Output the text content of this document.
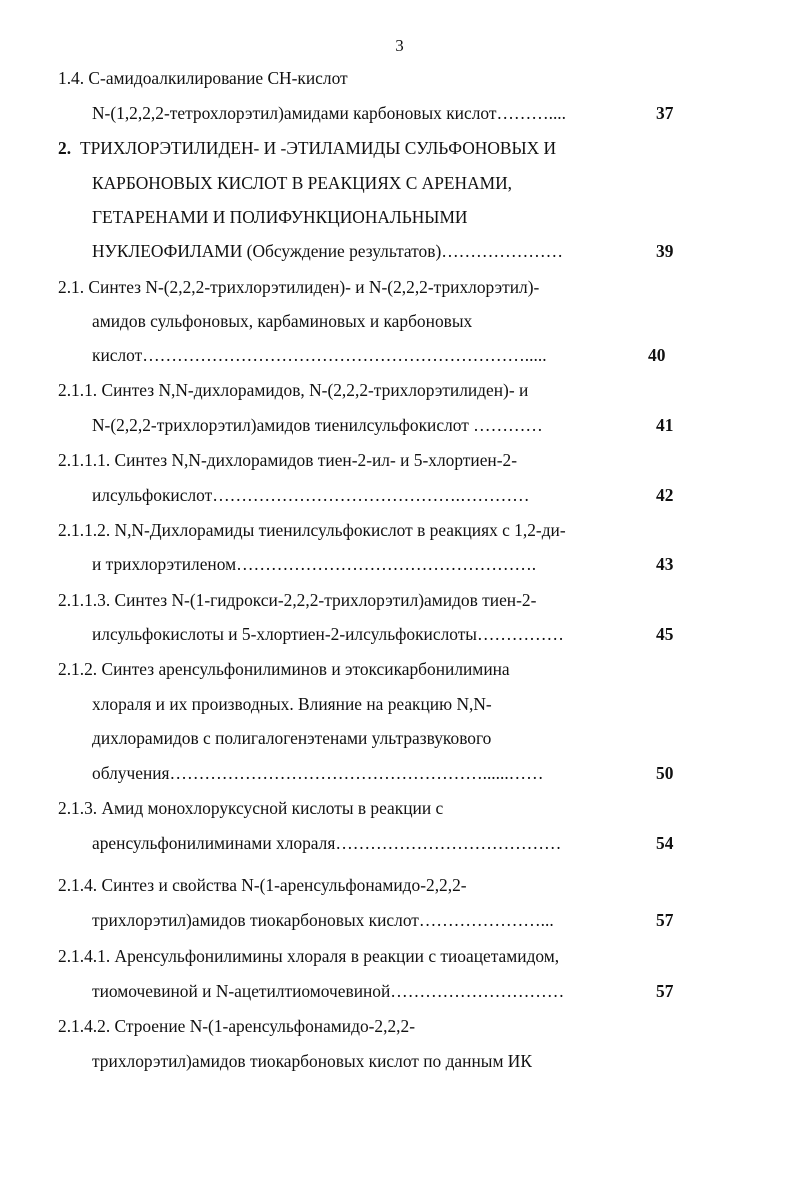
3
1.4. С-амидоалкилирование СН-кислот
N-(1,2,2,2-тетрохлорэтил)амидами карбоновых кислот………....	37
2. ТРИХЛОРЭТИЛИДЕН- И -ЭТИЛАМИДЫ СУЛЬФОНОВЫХ И
КАРБОНОВЫХ КИСЛОТ В РЕАКЦИЯХ С АРЕНАМИ,
ГЕТАРЕНАМИ И ПОЛИФУНКЦИОНАЛЬНЫМИ
НУКЛЕОФИЛАМИ (Обсуждение результатов)…………………	39
2.1. Синтез N-(2,2,2-трихлорэтилиден)- и N-(2,2,2-трихлорэтил)-
амидов сульфоновых, карбаминовых и карбоновых
кислот………………………………………………………….....	40
2.1.1. Синтез N,N-дихлорамидов, N-(2,2,2-трихлорэтилиден)- и
N-(2,2,2-трихлорэтил)амидов тиенилсульфокислот …………	41
2.1.1.1. Синтез N,N-дихлорамидов тиен-2-ил- и 5-хлортиен-2-
илсульфокислот…………………………………….…………	42
2.1.1.2. N,N-Дихлорамиды тиенилсульфокислот в реакциях с 1,2-ди-
и трихлорэтиленом…………………………………………….	43
2.1.1.3. Синтез N-(1-гидрокси-2,2,2-трихлорэтил)амидов тиен-2-
илсульфокислоты и 5-хлортиен-2-илсульфокислоты……………	45
2.1.2. Синтез аренсульфонилиминов и этоксикарбонилимина
хлораля и их производных. Влияние на реакцию N,N-
дихлорамидов с полигалогенэтенами ультразвукового
облучения………………………………………………......……	50
2.1.3. Амид монохлоруксусной кислоты в реакции с
аренсульфонилиминами хлораля…………………………………	54
2.1.4. Синтез и свойства N-(1-аренсульфонамидо-2,2,2-
трихлорэтил)амидов тиокарбоновых кислот…………………...	57
2.1.4.1. Аренсульфонилимины хлораля в реакции с тиоацетамидом,
тиомочевиной и N-ацетилтиомочевиной…………………………	57
2.1.4.2. Строение N-(1-аренсульфонамидо-2,2,2-
трихлорэтил)амидов тиокарбоновых кислот по данным ИК
